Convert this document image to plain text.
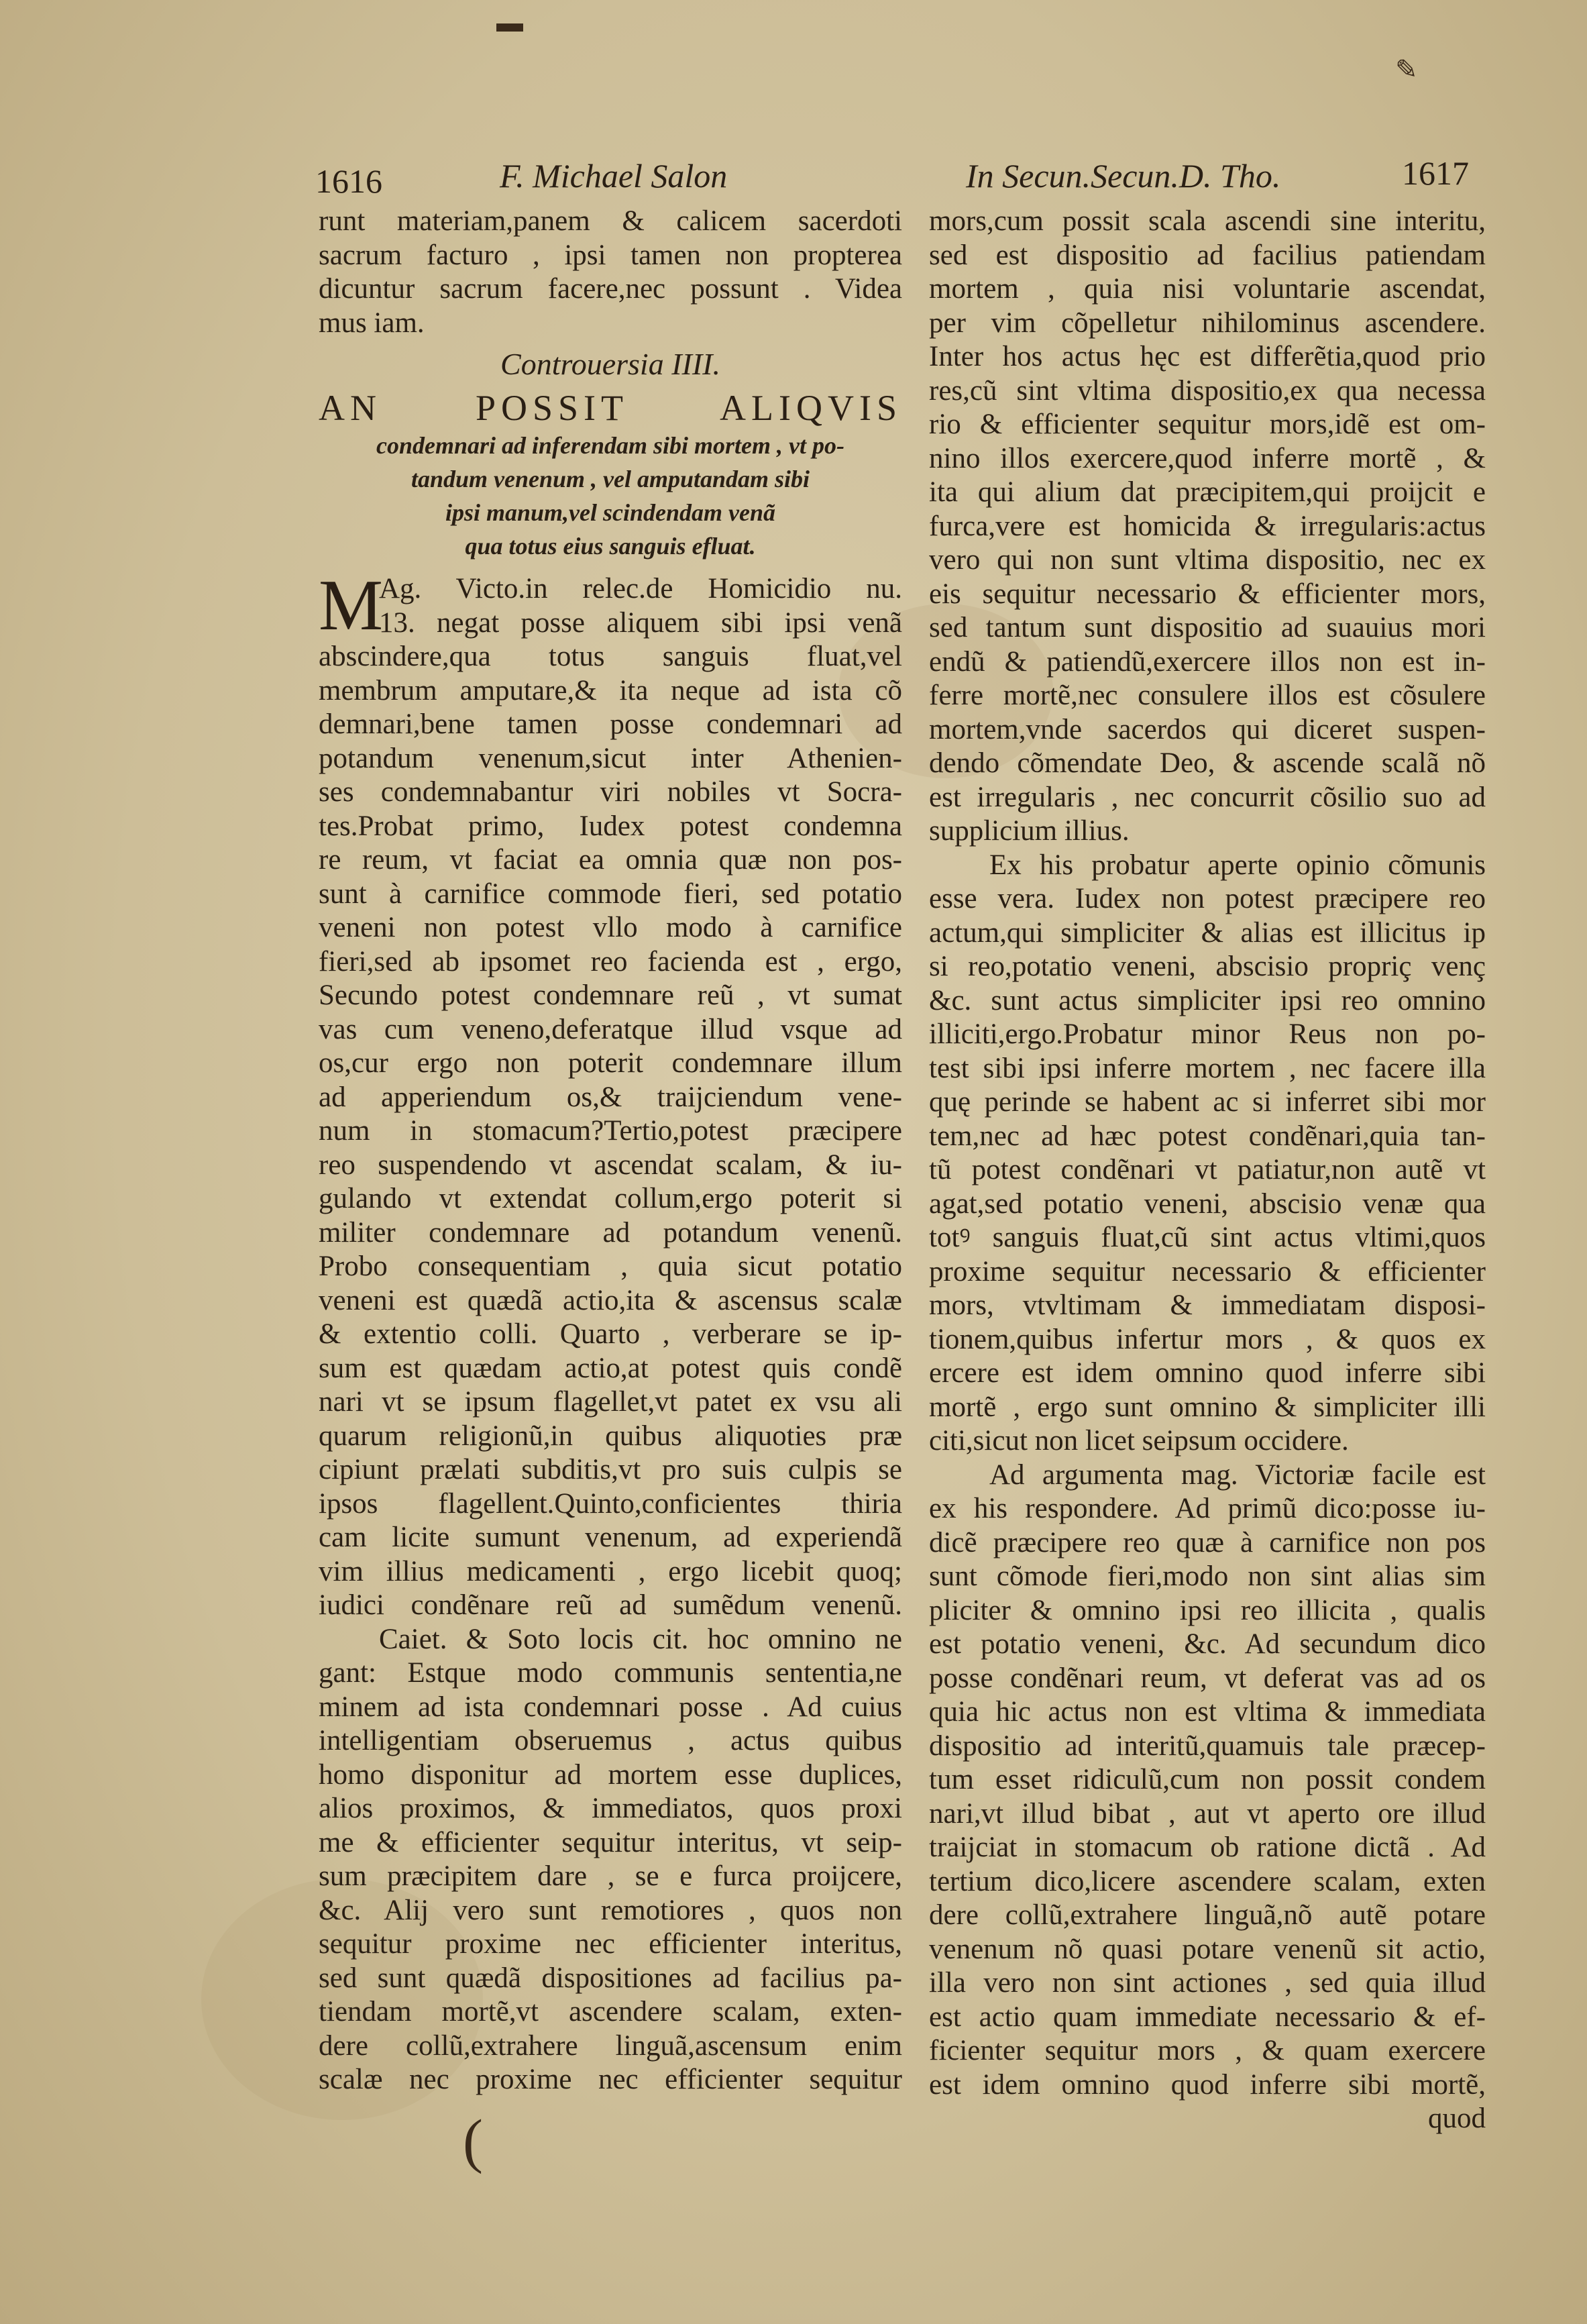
▬
✎
(
1616	F. Michael Salon	In Secun.Secun.D. Tho.	1617
runt materiam,panem & calicem sacerdoti
sacrum facturo , ipsi tamen non propterea
dicuntur sacrum facere,nec possunt . Videa
mus iam.
Controuersia IIII.
AN POSSIT ALIQVIS
condemnari ad inferendam sibi mortem , vt po-
tandum venenum , vel amputandam sibi
ipsi manum,vel scindendam venã
qua totus eius sanguis efluat.
M
Ag. Victo.in relec.de Homicidio nu.
13. negat posse aliquem sibi ipsi venã
abscindere,qua totus sanguis fluat,vel
membrum amputare,& ita neque ad ista cõ
demnari,bene tamen posse condemnari ad
potandum venenum,sicut inter Athenien-
ses condemnabantur viri nobiles vt Socra-
tes.Probat primo, Iudex potest condemna
re reum, vt faciat ea omnia quæ non pos-
sunt à carnifice commode fieri, sed potatio
veneni non potest vllo modo à carnifice
fieri,sed ab ipsomet reo facienda est , ergo,
Secundo potest condemnare reũ , vt sumat
vas cum veneno,deferatque illud vsque ad
os,cur ergo non poterit condemnare illum
ad apperiendum os,& traijciendum vene-
num in stomacum?Tertio,potest præcipere
reo suspendendo vt ascendat scalam, & iu-
gulando vt extendat collum,ergo poterit si
militer condemnare ad potandum venenũ.
Probo consequentiam , quia sicut potatio
veneni est quædã actio,ita & ascensus scalæ
& extentio colli. Quarto , verberare se ip-
sum est quædam actio,at potest quis condẽ
nari vt se ipsum flagellet,vt patet ex vsu ali
quarum religionũ,in quibus aliquoties præ
cipiunt prælati subditis,vt pro suis culpis se
ipsos flagellent.Quinto,conficientes thiria
cam licite sumunt venenum, ad experiendã
vim illius medicamenti , ergo licebit quoq;
iudici condẽnare reũ ad sumẽdum venenũ.
Caiet. & Soto locis cit. hoc omnino ne
gant: Estque modo communis sententia,ne
minem ad ista condemnari posse . Ad cuius
intelligentiam obseruemus , actus quibus
homo disponitur ad mortem esse duplices,
alios proximos, & immediatos, quos proxi
me & efficienter sequitur interitus, vt seip-
sum præcipitem dare , se e furca proijcere,
&c. Alij vero sunt remotiores , quos non
sequitur proxime nec efficienter interitus,
sed sunt quædã dispositiones ad facilius pa-
tiendam mortẽ,vt ascendere scalam, exten-
dere collũ,extrahere linguã,ascensum enim
scalæ nec proxime nec efficienter sequitur
mors,cum possit scala ascendi sine interitu,
sed est dispositio ad facilius patiendam
mortem , quia nisi voluntarie ascendat,
per vim cõpelletur nihilominus ascendere.
Inter hos actus hęc est differẽtia,quod prio
res,cũ sint vltima dispositio,ex qua necessa
rio & efficienter sequitur mors,idẽ est om-
nino illos exercere,quod inferre mortẽ , &
ita qui alium dat præcipitem,qui proijcit e
furca,vere est homicida & irregularis:actus
vero qui non sunt vltima dispositio, nec ex
eis sequitur necessario & efficienter mors,
sed tantum sunt dispositio ad suauius mori
endũ & patiendũ,exercere illos non est in-
ferre mortẽ,nec consulere illos est cõsulere
mortem,vnde sacerdos qui diceret suspen-
dendo cõmendate Deo, & ascende scalã nõ
est irregularis , nec concurrit cõsilio suo ad
supplicium illius.
Ex his probatur aperte opinio cõmunis
esse vera. Iudex non potest præcipere reo
actum,qui simpliciter & alias est illicitus ip
si reo,potatio veneni, abscisio propriç venç
&c. sunt actus simpliciter ipsi reo omnino
illiciti,ergo.Probatur minor Reus non po-
test sibi ipsi inferre mortem , nec facere illa
quę perinde se habent ac si inferret sibi mor
tem,nec ad hæc potest condẽnari,quia tan-
tũ potest condẽnari vt patiatur,non autẽ vt
agat,sed potatio veneni, abscisio venæ qua
totꝰ sanguis fluat,cũ sint actus vltimi,quos
proxime sequitur necessario & efficienter
mors, vtvltimam & immediatam disposi-
tionem,quibus infertur mors , & quos ex
ercere est idem omnino quod inferre sibi
mortẽ , ergo sunt omnino & simpliciter illi
citi,sicut non licet seipsum occidere.
Ad argumenta mag. Victoriæ facile est
ex his respondere. Ad primũ dico:posse iu-
dicẽ præcipere reo quæ à carnifice non pos
sunt cõmode fieri,modo non sint alias sim
pliciter & omnino ipsi reo illicita , qualis
est potatio veneni, &c. Ad secundum dico
posse condẽnari reum, vt deferat vas ad os
quia hic actus non est vltima & immediata
dispositio ad interitũ,quamuis tale præcep-
tum esset ridiculũ,cum non possit condem
nari,vt illud bibat , aut vt aperto ore illud
traijciat in stomacum ob ratione dictã . Ad
tertium dico,licere ascendere scalam, exten
dere collũ,extrahere linguã,nõ autẽ potare
venenum nõ quasi potare venenũ sit actio,
illa vero non sint actiones , sed quia illud
est actio quam immediate necessario & ef-
ficienter sequitur mors , & quam exercere
est idem omnino quod inferre sibi mortẽ,
quod
